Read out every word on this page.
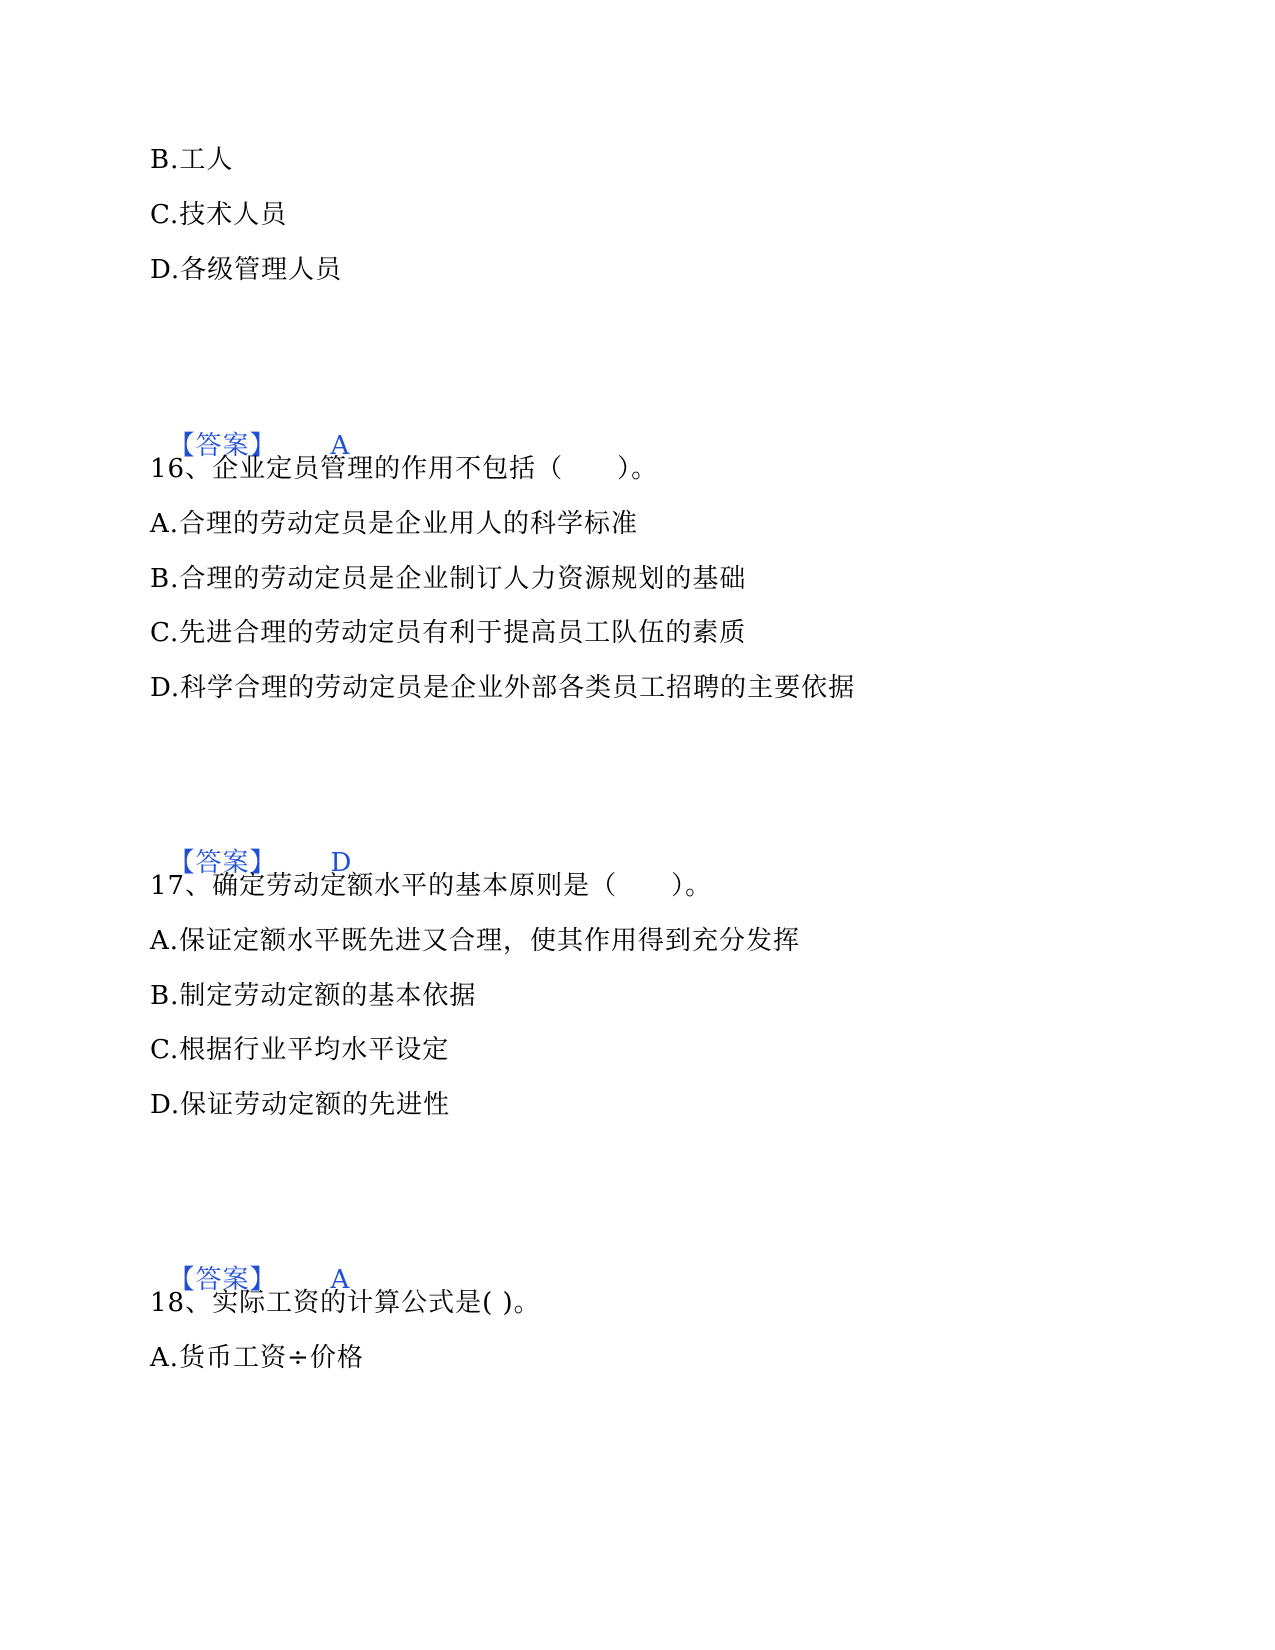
B.工人
C.技术人员
D.各级管理人员

【答案】 A

16、企业定员管理的作用不包括（　　）。
A.合理的劳动定员是企业用人的科学标准
B.合理的劳动定员是企业制订人力资源规划的基础
C.先进合理的劳动定员有利于提高员工队伍的素质
D.科学合理的劳动定员是企业外部各类员工招聘的主要依据

【答案】 D

17、确定劳动定额水平的基本原则是（　　）。
A.保证定额水平既先进又合理，使其作用得到充分发挥
B.制定劳动定额的基本依据
C.根据行业平均水平设定
D.保证劳动定额的先进性

【答案】 A

18、实际工资的计算公式是( )。
A.货币工资÷价格
